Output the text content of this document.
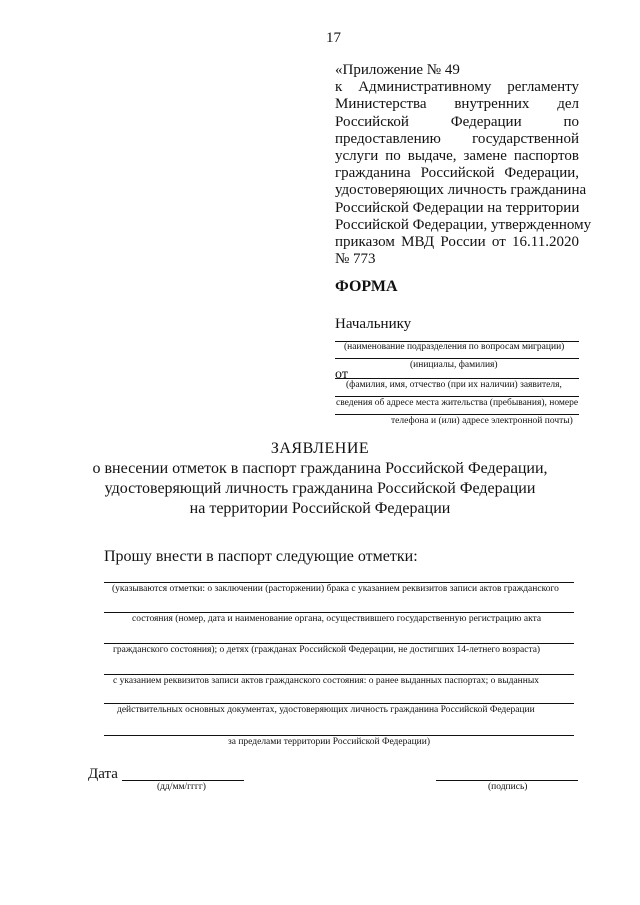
17
«Приложение № 49
к Административному регламенту
Министерства внутренних дел
Российской Федерации по
предоставлению государственной
услуги по выдаче, замене паспортов
гражданина Российской Федерации,
удостоверяющих личность гражданина
Российской Федерации на территории
Российской Федерации, утвержденному
приказом МВД России от 16.11.2020
№ 773
ФОРМА
Начальнику
(наименование подразделения по вопросам миграции)
(инициалы, фамилия)
от
(фамилия, имя, отчество (при их наличии) заявителя,
сведения об адресе места жительства (пребывания), номере
телефона и (или) адресе электронной почты)
ЗАЯВЛЕНИЕ
о внесении отметок в паспорт гражданина Российской Федерации,
удостоверяющий личность гражданина Российской Федерации
на территории Российской Федерации
Прошу внести в паспорт следующие отметки:
(указываются отметки: о заключении (расторжении) брака с указанием реквизитов записи актов гражданского
состояния (номер, дата и наименование органа, осуществившего государственную регистрацию акта
гражданского состояния); о детях (гражданах Российской Федерации, не достигших 14-летнего возраста)
с указанием реквизитов записи актов гражданского состояния: о ранее выданных паспортах; о выданных
действительных основных документах, удостоверяющих личность гражданина Российской Федерации
за пределами территории Российской Федерации)
Дата
(дд/мм/гггг)	(подпись)
